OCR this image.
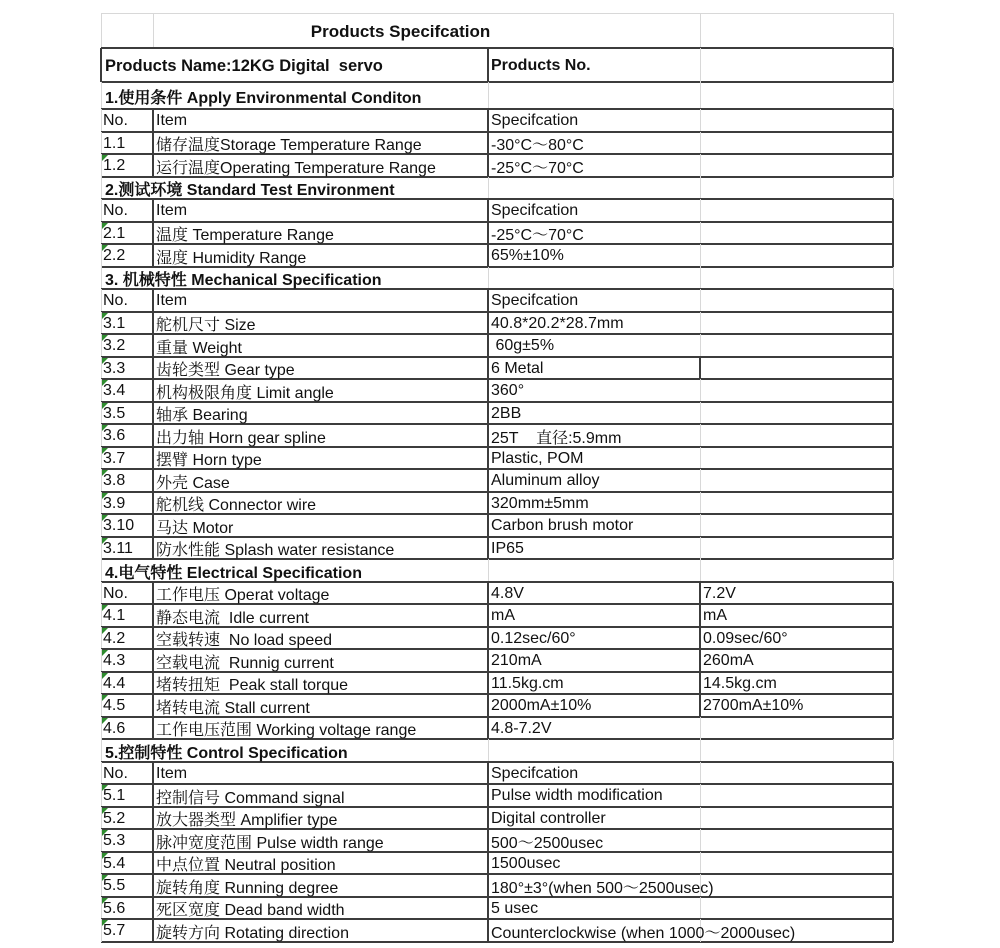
Products Specifcation
Products Name:12KG Digital  servo	Products No.
1.使用条件 Apply Environmental Conditon
No.	Item	Specifcation
1.1	储存温度Storage Temperature Range	-30°C～80°C
1.2	运行温度Operating Temperature Range	-25°C～70°C
2.测试环境 Standard Test Environment
No.	Item	Specifcation
2.1	温度 Temperature Range	-25°C～70°C
2.2	湿度 Humidity Range	65%±10%
3. 机械特性 Mechanical Specification
No.	Item	Specifcation
3.1	舵机尺寸 Size	40.8*20.2*28.7mm
3.2	重量 Weight	60g±5%
3.3	齿轮类型 Gear type	6 Metal
3.4	机构极限角度 Limit angle	360°
3.5	轴承 Bearing	2BB
3.6	出力轴 Horn gear spline	25T    直径:5.9mm
3.7	摆臂 Horn type	Plastic, POM
3.8	外壳 Case	Aluminum alloy
3.9	舵机线 Connector wire	320mm±5mm
3.10	马达 Motor	Carbon brush motor
3.11	防水性能 Splash water resistance	IP65
4.电气特性 Electrical Specification
No.	工作电压 Operat voltage	4.8V	7.2V
4.1	静态电流  Idle current	mA	mA
4.2	空载转速  No load speed	0.12sec/60°	0.09sec/60°
4.3	空载电流  Runnig current	210mA	260mA
4.4	堵转扭矩  Peak stall torque	11.5kg.cm	14.5kg.cm
4.5	堵转电流 Stall current	2000mA±10%	2700mA±10%
4.6	工作电压范围 Working voltage range	4.8-7.2V
5.控制特性 Control Specification
No.	Item	Specifcation
5.1	控制信号 Command signal	Pulse width modification
5.2	放大器类型 Amplifier type	Digital controller
5.3	脉冲宽度范围 Pulse width range	500～2500usec
5.4	中点位置 Neutral position	1500usec
5.5	旋转角度 Running degree	180°±3°(when 500～2500usec)
5.6	死区宽度 Dead band width	5 usec
5.7	旋转方向 Rotating direction	Counterclockwise (when 1000～2000usec)
